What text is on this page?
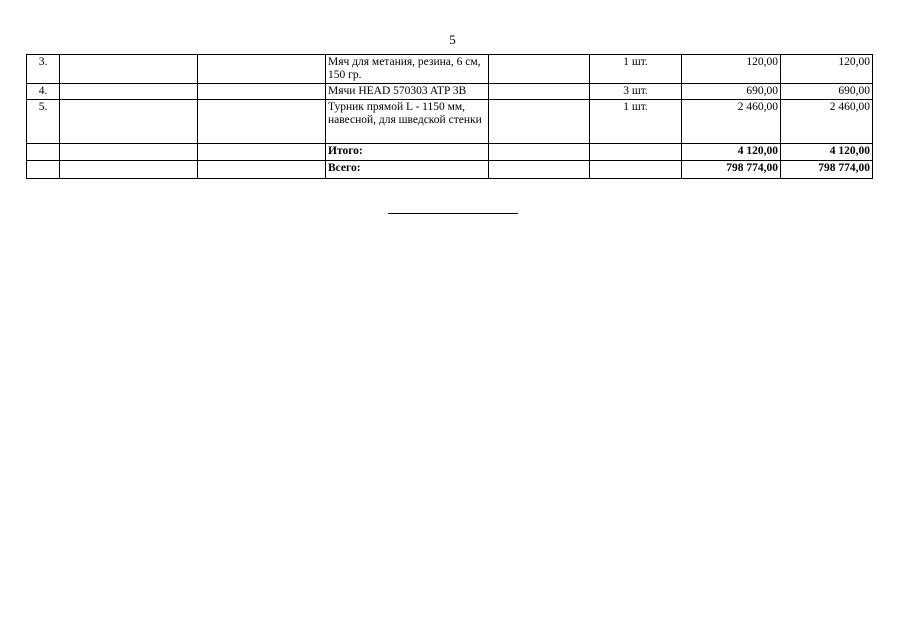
5
3.			Мяч для метания, резина, 6 см, 150 гр.		1 шт.	120,00	120,00
4.			Мячи HEAD 570303 ATP 3B		3 шт.	690,00	690,00
5.			Турник прямой L - 1150 мм, навесной, для шведской стенки		1 шт.	2 460,00	2 460,00
			Итого:			4 120,00	4 120,00
			Всего:			798 774,00	798 774,00
